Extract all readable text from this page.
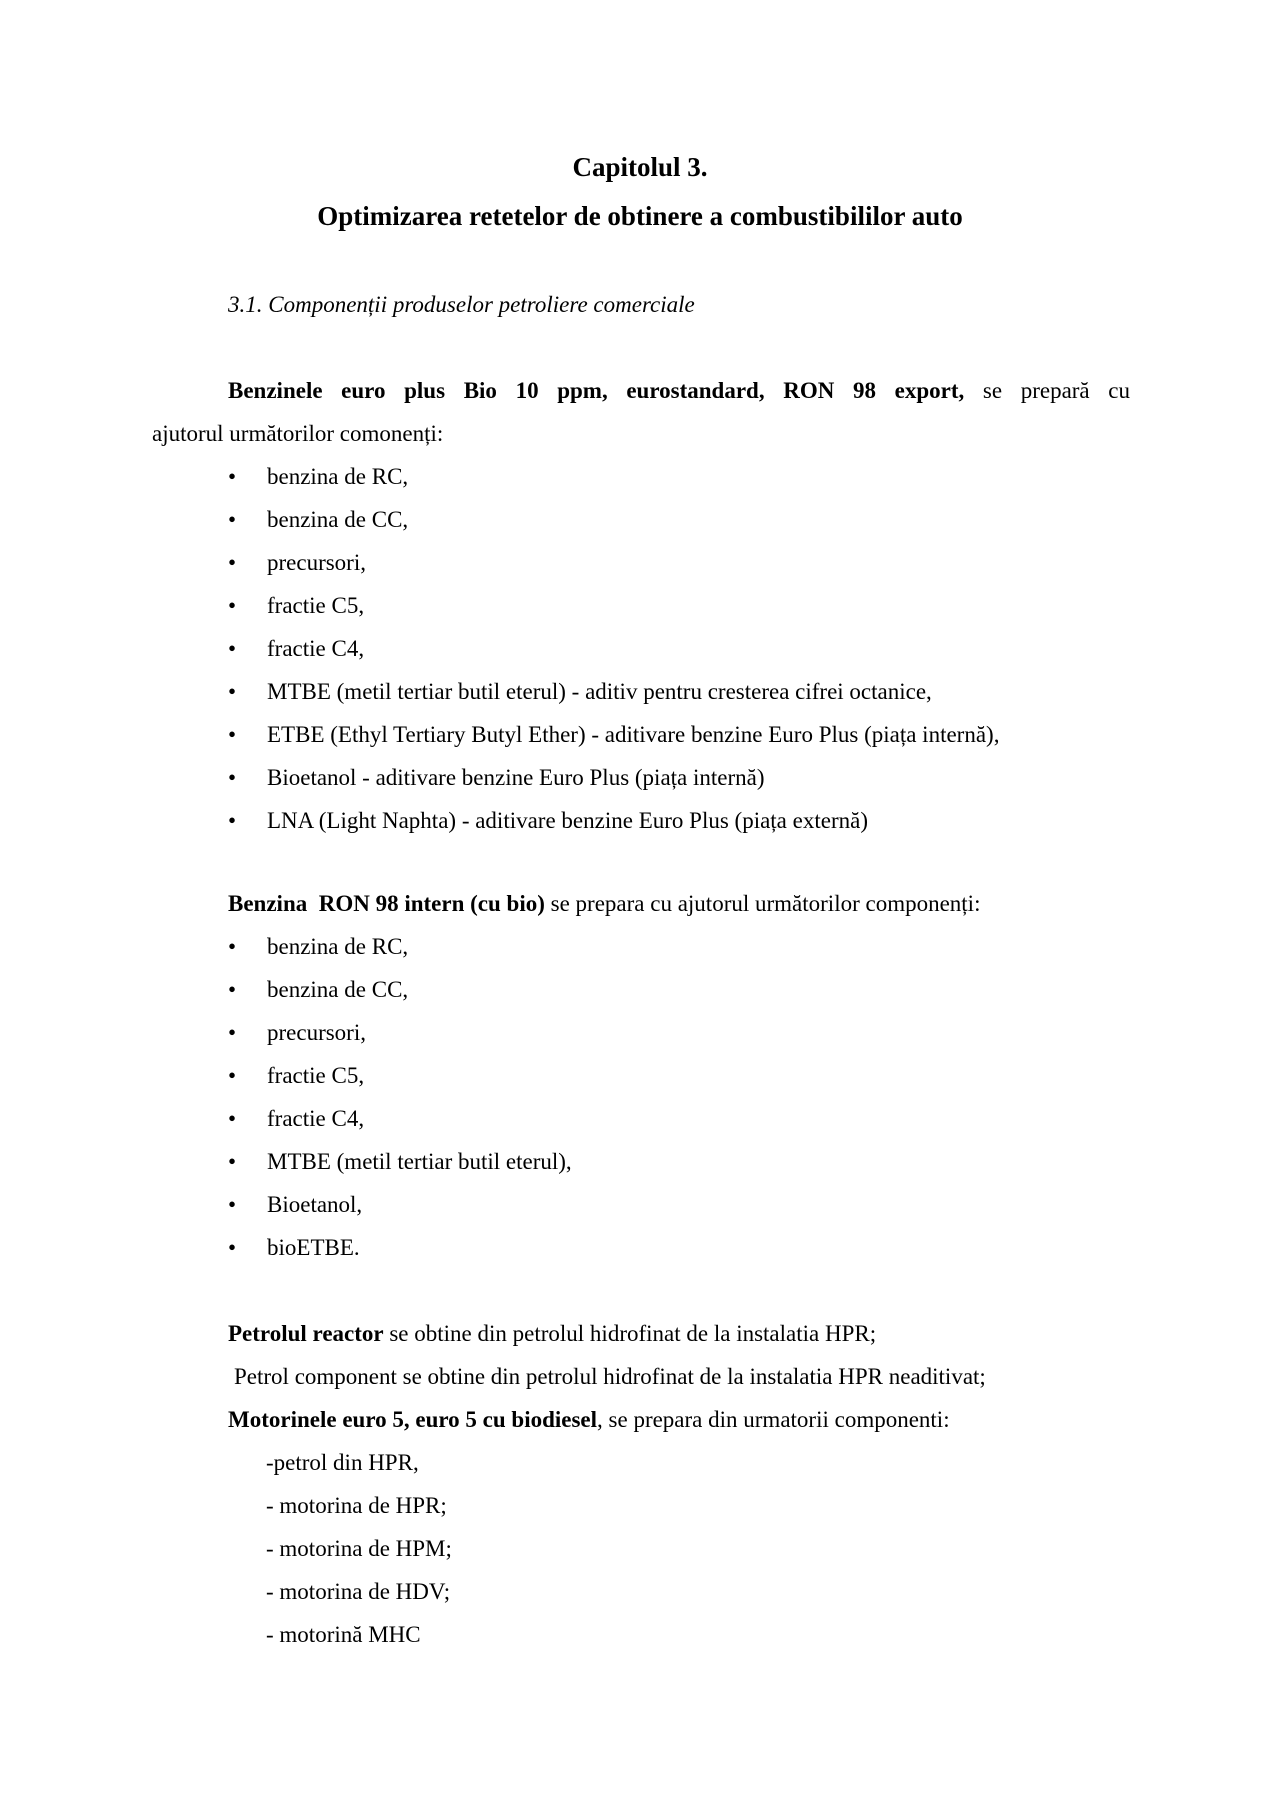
Capitolul 3.
Optimizarea retetelor de obtinere a combustibililor auto

3.1. Componenții produselor petroliere comerciale

Benzinele euro plus Bio 10 ppm, eurostandard, RON 98 export, se prepară cu
ajutorul următorilor comonenți:

• benzina de RC,
• benzina de CC,
• precursori,
• fractie C5,
• fractie C4,
• MTBE (metil tertiar butil eterul) - aditiv pentru cresterea cifrei octanice,
• ETBE (Ethyl Tertiary Butyl Ether) - aditivare benzine Euro Plus (piața internă),
• Bioetanol - aditivare benzine Euro Plus (piața internă)
• LNA (Light Naphta) - aditivare benzine Euro Plus (piața externă)

Benzina  RON 98 intern (cu bio) se prepara cu ajutorul următorilor componenți:

• benzina de RC,
• benzina de CC,
• precursori,
• fractie C5,
• fractie C4,
• MTBE (metil tertiar butil eterul),
• Bioetanol,
• bioETBE.

Petrolul reactor se obtine din petrolul hidrofinat de la instalatia HPR;

Petrol component se obtine din petrolul hidrofinat de la instalatia HPR neaditivat;

Motorinele euro 5, euro 5 cu biodiesel, se prepara din urmatorii componenti:

-petrol din HPR,
- motorina de HPR;
- motorina de HPM;
- motorina de HDV;
- motorină MHC
